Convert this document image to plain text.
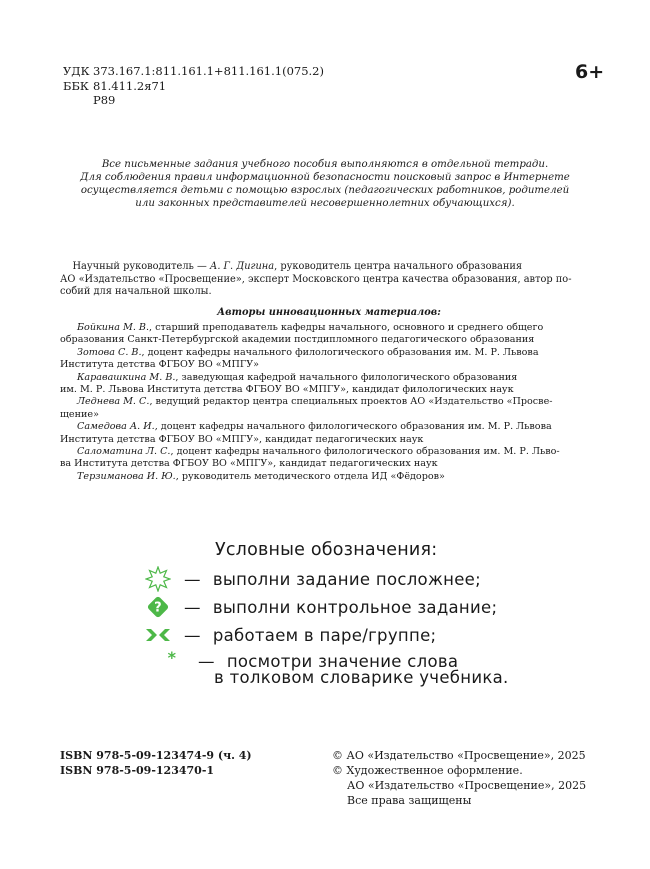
УДК 373.167.1:811.161.1+811.161.1(075.2)
ББК 81.411.2я71
Р89
6+
Все письменные задания учебного пособия выполняются в отдельной тетради.
Для соблюдения правил информационной безопасности поисковый запрос в Интернете
осуществляется детьми с помощью взрослых (педагогических работников, родителей
или законных представителей несовершеннолетних обучающихся).
Научный руководитель — А. Г. Дигина, руководитель центра начального образования
АО «Издательство «Просвещение», эксперт Московского центра качества образования, автор по-
собий для начальной школы.
Авторы инновационных материалов:
Бойкина М. В., старший преподаватель кафедры начального, основного и среднего общего
образования Санкт-Петербургской академии постдипломного педагогического образования
Зотова С. В., доцент кафедры начального филологического образования им. М. Р. Львова
Института детства ФГБОУ ВО «МПГУ»
Каравашкина М. В., заведующая кафедрой начального филологического образования
им. М. Р. Львова Института детства ФГБОУ ВО «МПГУ», кандидат филологических наук
Леднева М. С., ведущий редактор центра специальных проектов АО «Издательство «Просве-
щение»
Самедова А. И., доцент кафедры начального филологического образования им. М. Р. Львова
Института детства ФГБОУ ВО «МПГУ», кандидат педагогических наук
Саломатина Л. С., доцент кафедры начального филологического образования им. М. Р. Льво-
ва Института детства ФГБОУ ВО «МПГУ», кандидат педагогических наук
Терзиманова И. Ю., руководитель методического отдела ИД «Фёдоров»
Условные обозначения:
— выполни задание посложнее;
? — выполни контрольное задание;
— работаем в паре/группе;
*	— посмотри значение слова
в толковом словарике учебника.
ISBN 978-5-09-123474-9 (ч. 4)
ISBN 978-5-09-123470-1
© АО «Издательство «Просвещение», 2025
© Художественное оформление.
АО «Издательство «Просвещение», 2025
Все права защищены
